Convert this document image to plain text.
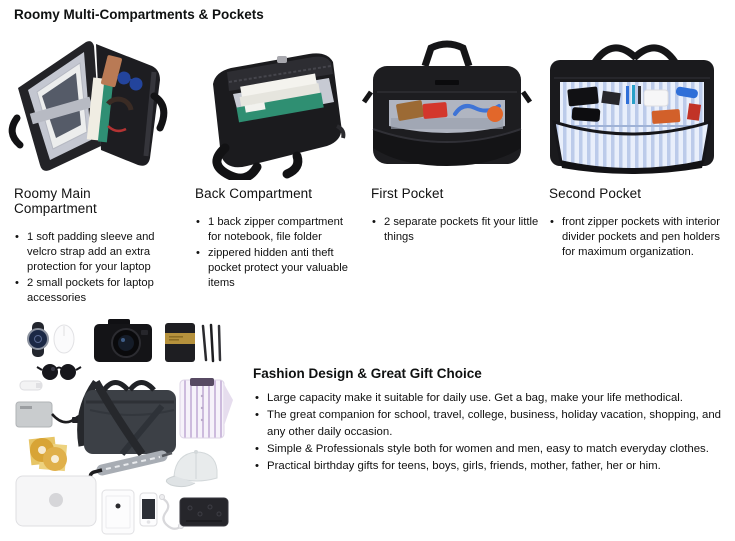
Roomy Multi-Compartments & Pockets
Roomy Main Compartment
• 1 soft padding sleeve and velcro strap add an extra protection for your laptop
• 2 small pockets for laptop accessories
Back Compartment
• 1 back zipper compartment for notebook, file folder
• zippered hidden anti theft pocket protect your valuable items
First Pocket
• 2 separate pockets fit your little things
Second Pocket
• front zipper pockets with interior divider pockets and pen holders for maximum organization.
Fashion Design & Great Gift Choice
• Large capacity make it suitable for daily use. Get a bag, make your life methodical.
• The great companion for school, travel, college, business, holiday vacation, shopping, and any other daily occasion.
• Simple & Professionals style both for women and men, easy to match everyday clothes.
• Practical birthday gifts for teens, boys, girls, friends, mother, father, her or him.
